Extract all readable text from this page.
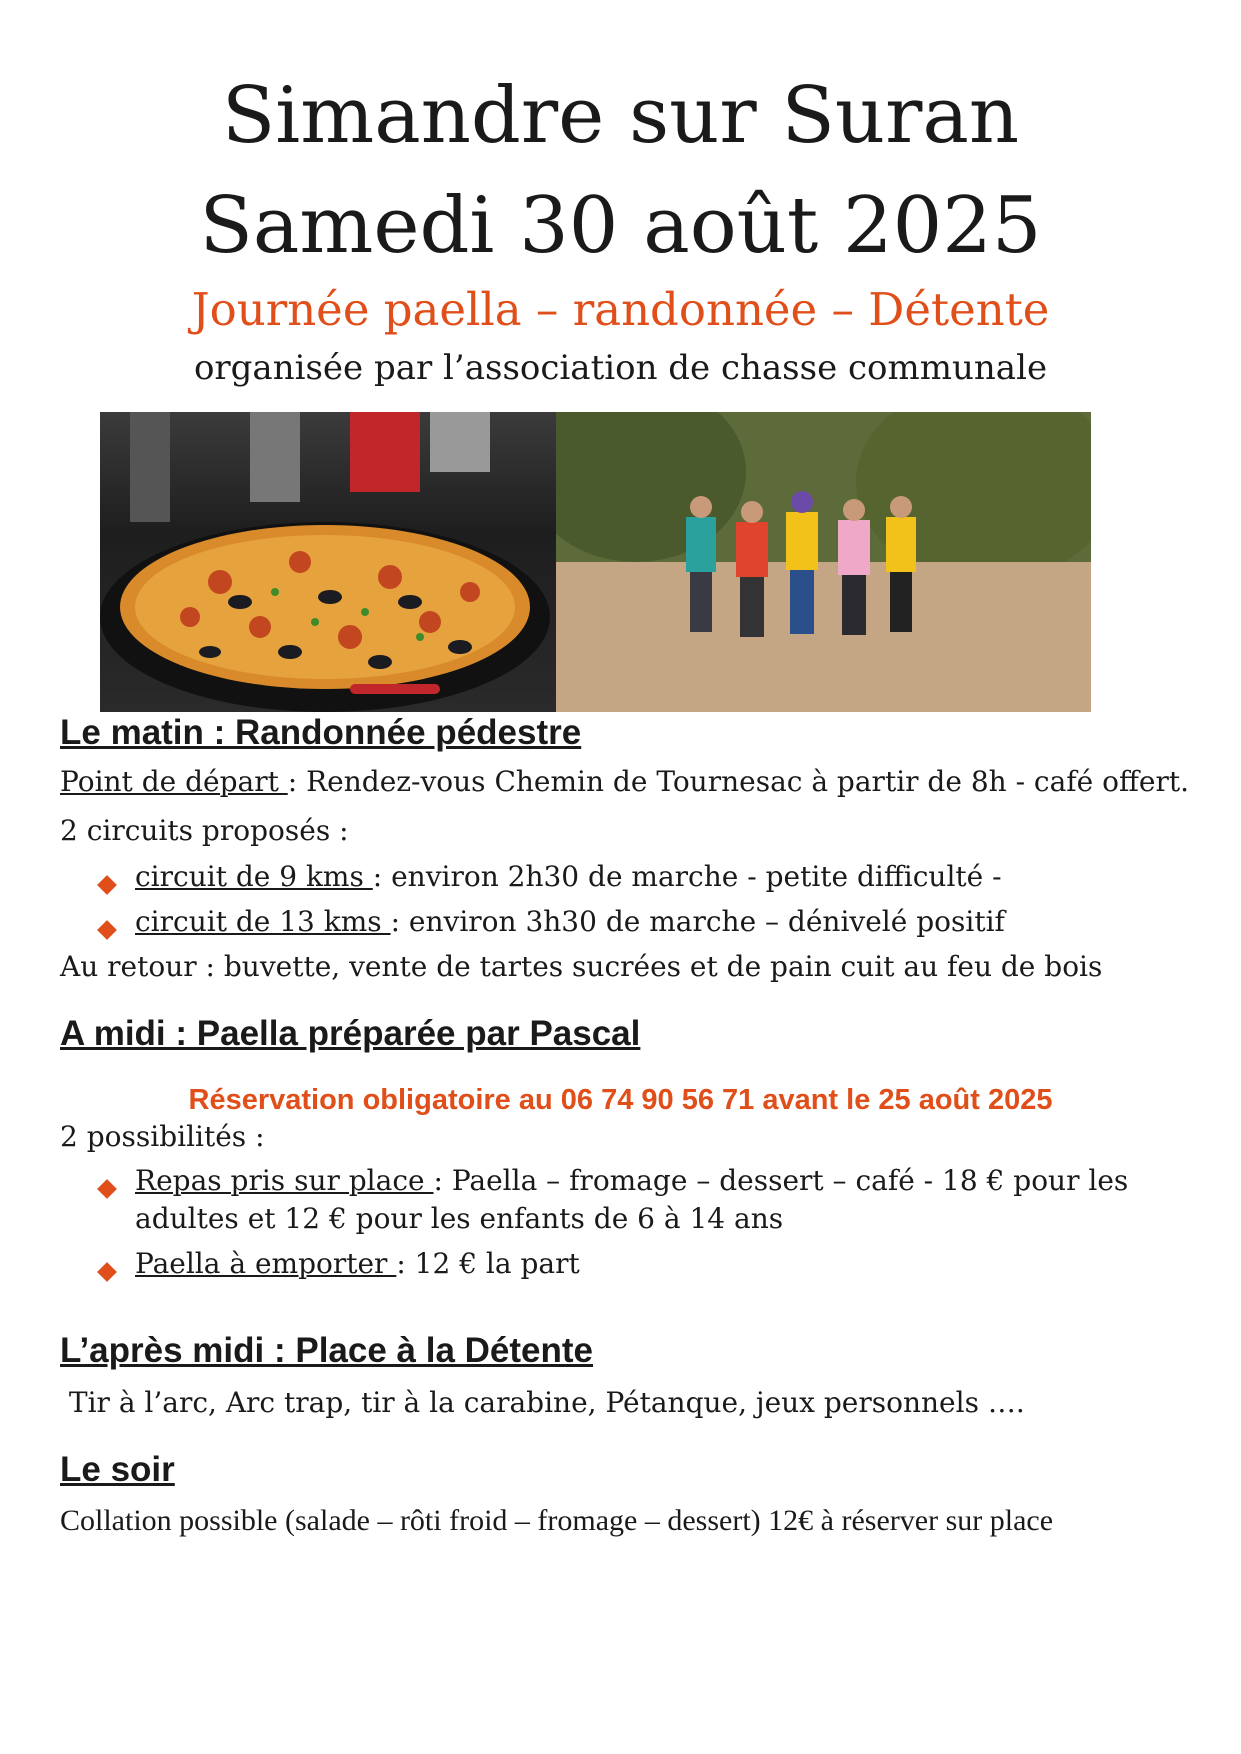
Simandre sur Suran
Samedi 30 août 2025
Journée paella – randonnée – Détente
organisée par l’association de chasse communale
Le matin : Randonnée pédestre
Point de départ : Rendez-vous Chemin de Tournesac à partir de 8h - café offert.
2 circuits proposés :
circuit de 9 kms : environ 2h30 de marche - petite difficulté -
circuit de 13 kms : environ 3h30 de marche – dénivelé positif
Au retour : buvette, vente de tartes sucrées et de pain cuit au feu de bois
A midi : Paella préparée par Pascal
Réservation obligatoire au 06 74 90 56 71 avant le 25 août 2025
2 possibilités :
Repas pris sur place : Paella – fromage – dessert – café - 18 € pour les
adultes et 12 € pour les enfants de 6 à 14 ans
Paella à emporter : 12 € la part
L’après midi : Place à la Détente
Tir à l’arc, Arc trap, tir à la carabine, Pétanque, jeux personnels ….
Le soir
Collation possible (salade – rôti froid – fromage – dessert) 12€ à réserver sur place
